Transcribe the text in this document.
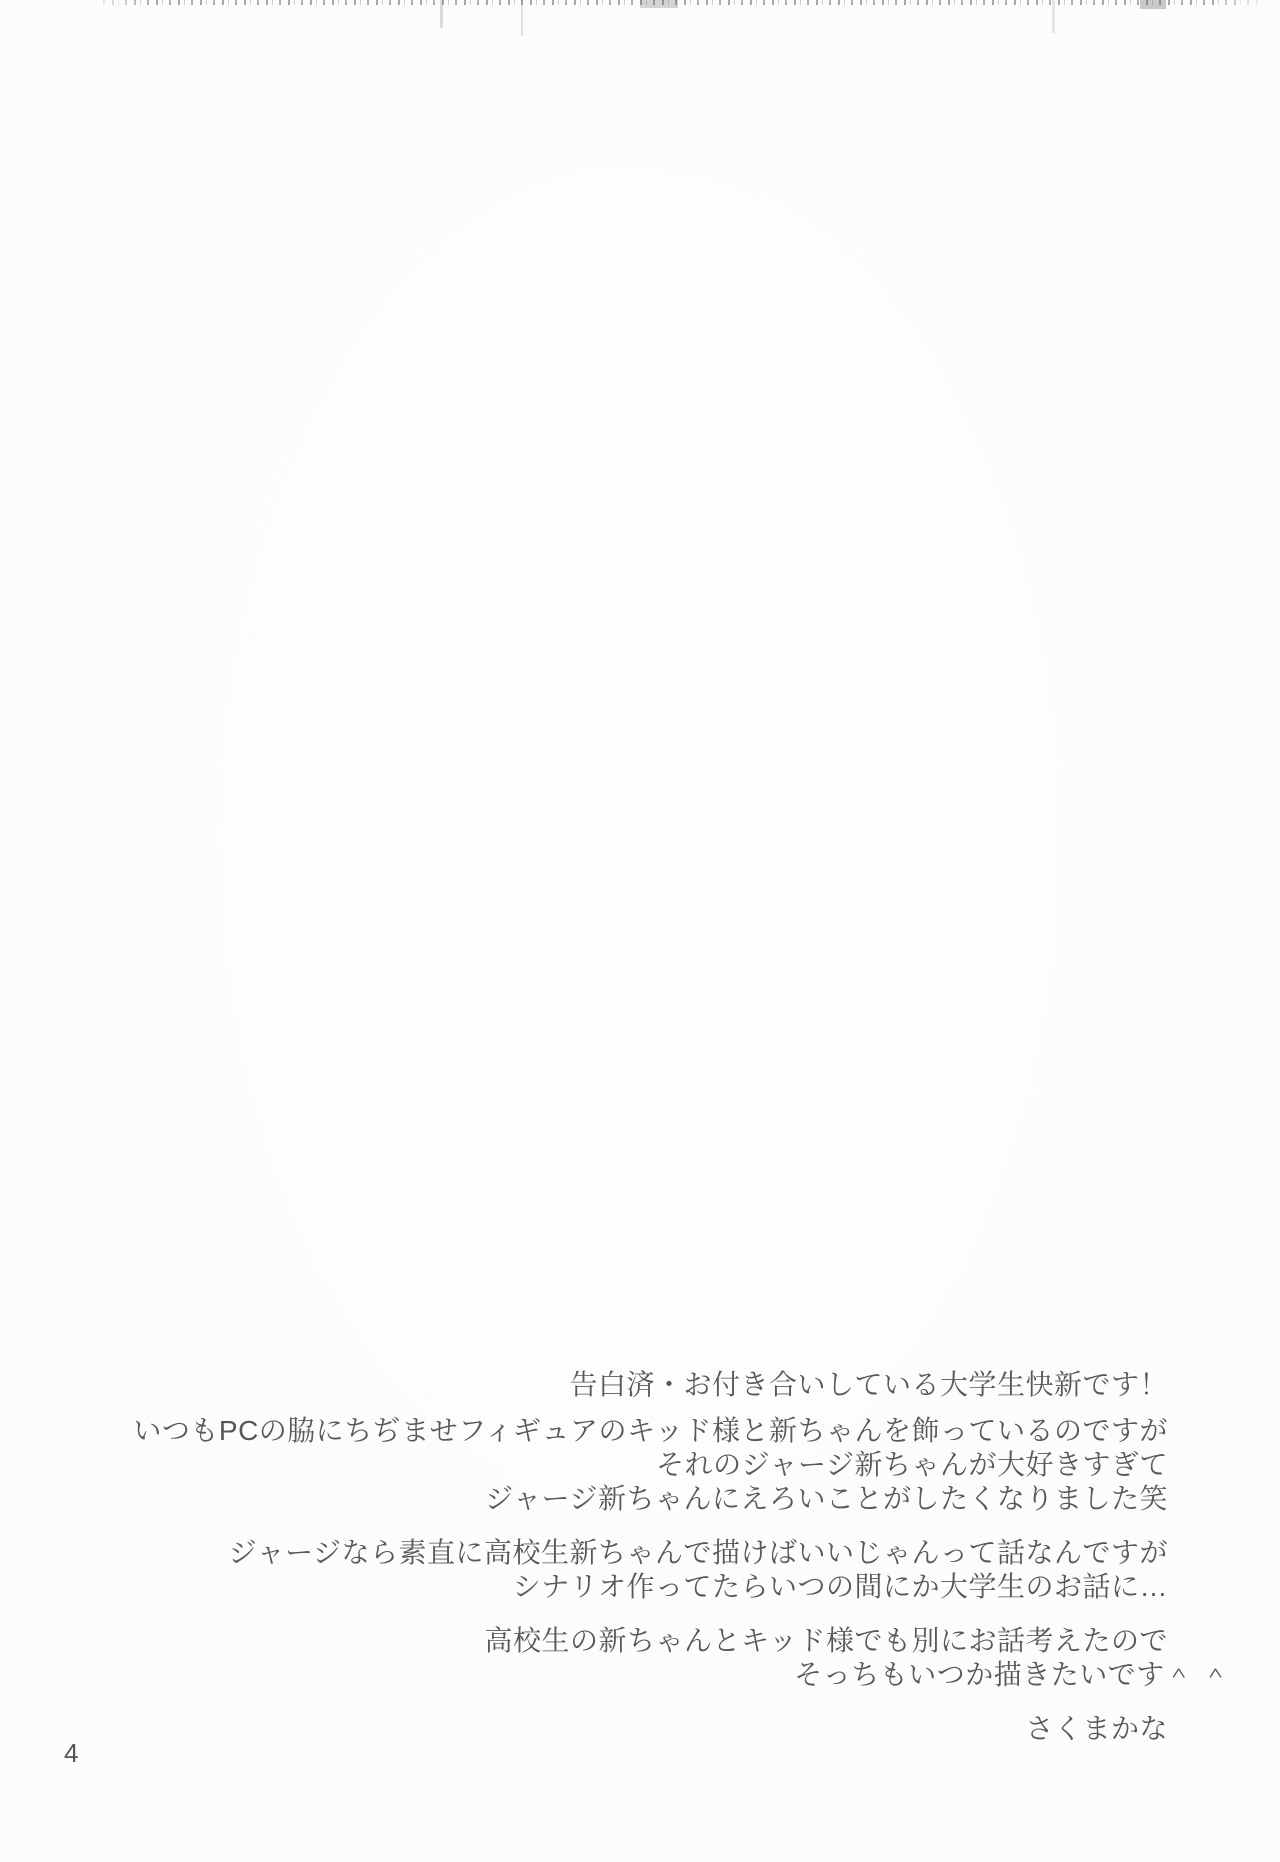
告白済・お付き合いしている大学生快新です！
いつもPCの脇にちぢませフィギュアのキッド様と新ちゃんを飾っているのですが
それのジャージ新ちゃんが大好きすぎて
ジャージ新ちゃんにえろいことがしたくなりました笑
ジャージなら素直に高校生新ちゃんで描けばいいじゃんって話なんですが
シナリオ作ってたらいつの間にか大学生のお話に…
高校生の新ちゃんとキッド様でも別にお話考えたので
そっちもいつか描きたいです＾ ＾
さくまかな
4
